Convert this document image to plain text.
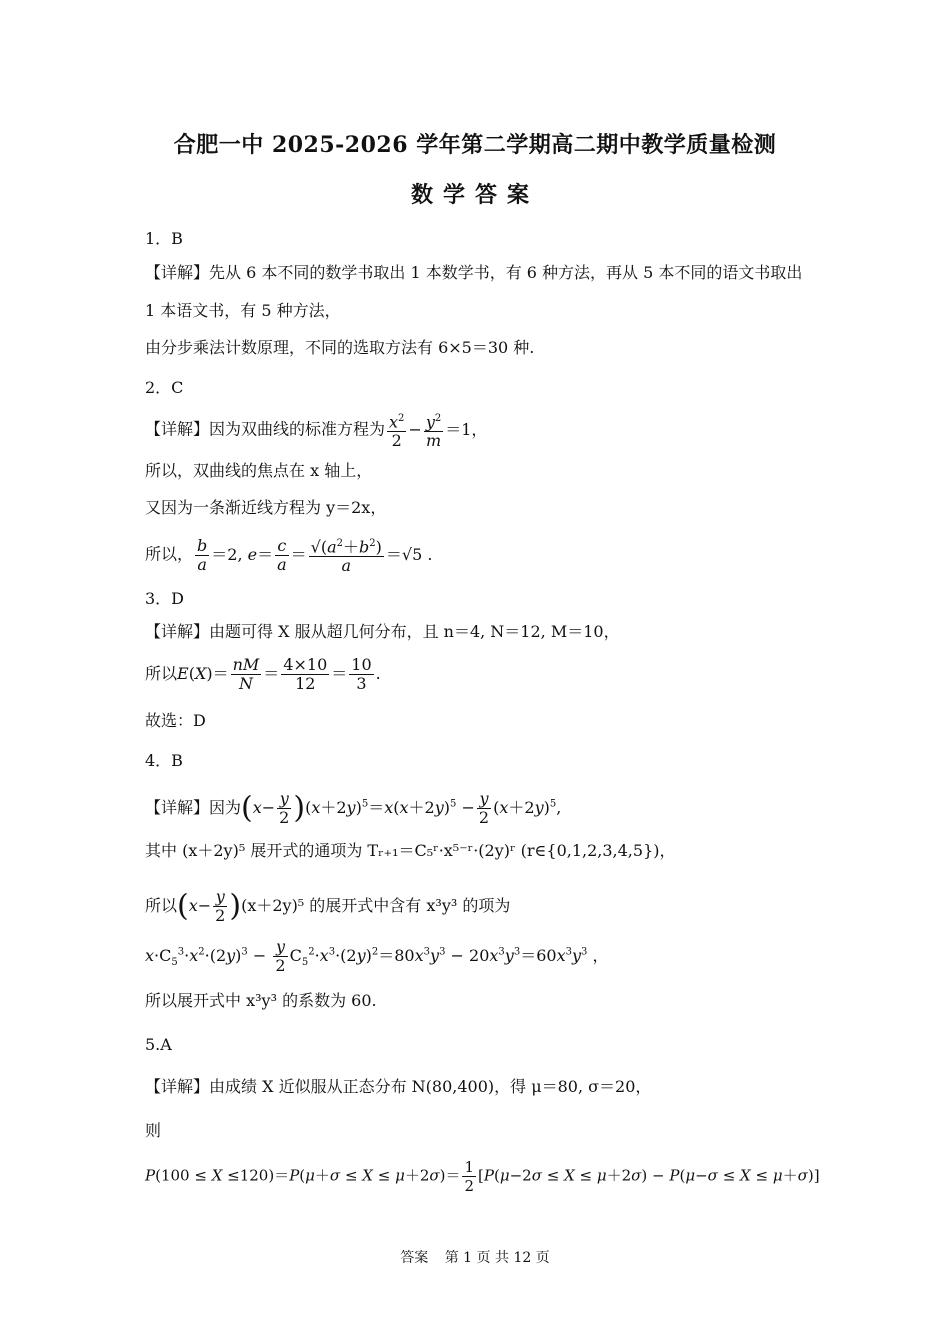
合肥一中 2025-2026 学年第二学期高二期中教学质量检测
数学答案
1．B
【详解】先从 6 本不同的数学书取出 1 本数学书，有 6 种方法，再从 5 本不同的语文书取出
1 本语文书，有 5 种方法，
由分步乘法计数原理，不同的选取方法有 6×5＝30 种.
2．C
【详解】因为双曲线的标准方程为 $\frac{x^2}{2} - \frac{y^2}{m} =1$，
所以，双曲线的焦点在 x 轴上，
又因为一条渐近线方程为 y＝2x，
所以， $\frac{b}{a} =2$, $e= \frac{c}{a} = \frac{√(a^2+b^2)}{a} =√5$ .
3．D
【详解】由题可得 X 服从超几何分布，且 n＝4, N＝12, M＝10，
所以$E(X)= \frac{nM}{N} = \frac{4\times 10}{12} = \frac{10}{3}$ .
故选：D
4．B
【详解】因为$(x- \frac{y}{2} )(x+2y)^5=x(x+2y)^5 - \frac{y}{2} (x+2y)^5$,
其中 (x＋2y)⁵ 展开式的通项为 Tᵣ₊₁＝C₅ʳ·x⁵⁻ʳ·(2y)ʳ (r∈{0,1,2,3,4,5})，
所以$(x- \frac{y}{2} )(x+2y)^5$ 的展开式中含有 x³y³ 的项为
$x\cdot C_5^3\cdot x^2\cdot(2y)^3 - \frac{y}{2} C_5^2\cdot x^3\cdot(2y)^2=80x^3y^3 - 20x^3y^3=60x^3y^3$ ，
所以展开式中 x³y³ 的系数为 60.
5.A
【详解】由成绩 X 近似服从正态分布 N(80,400)，得 μ＝80, σ＝20，
则
$P(100 \le X \le 120)=P(\mu+\sigma \le X \le \mu+2\sigma)= \frac{1}{2} [P(\mu-2\sigma \le X \le \mu+2\sigma) - P(\mu-\sigma \le X \le \mu+\sigma)]$
答案 第 1 页 共 12 页
